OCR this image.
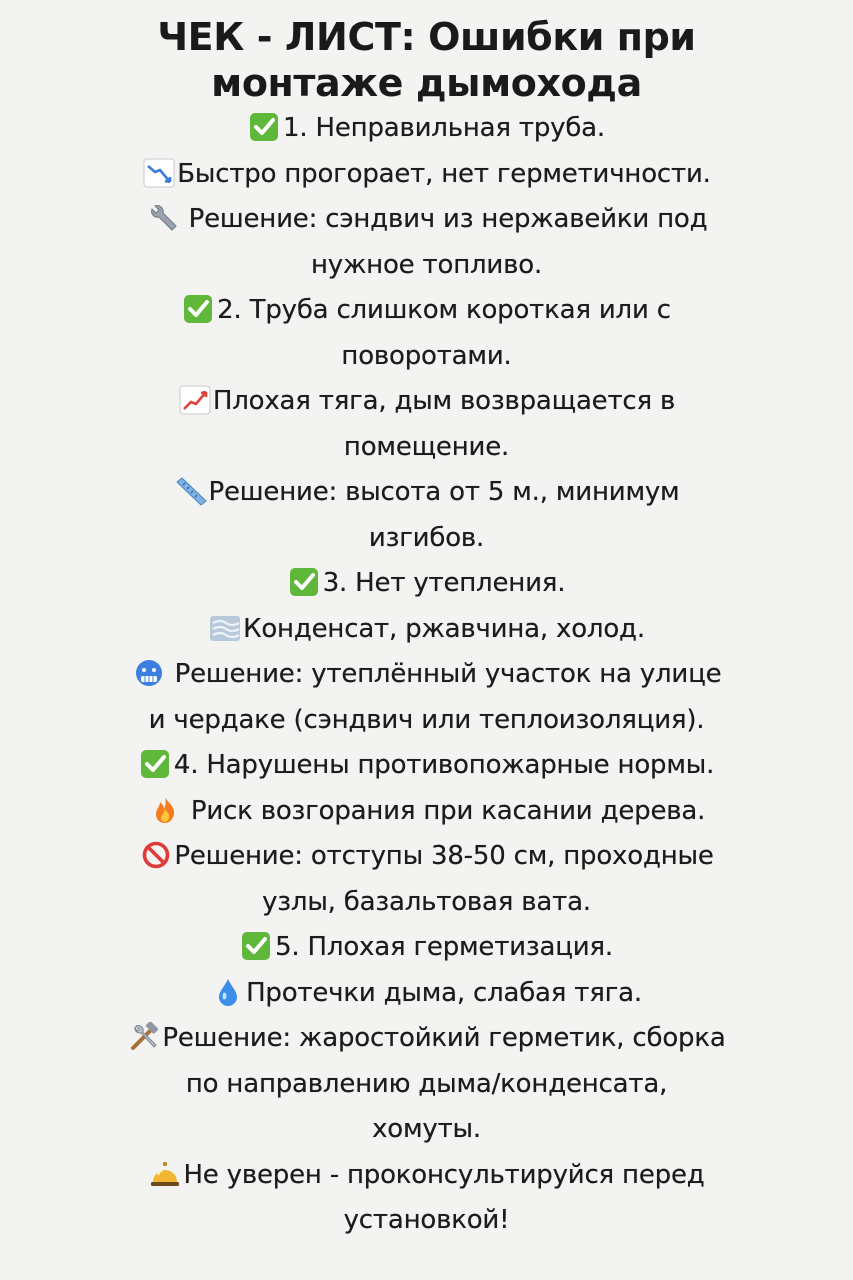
ЧЕК - ЛИСТ: Ошибки при
монтаже дымохода
1. Неправильная труба.
Быстро прогорает, нет герметичности.
Решение: сэндвич из нержавейки под
нужное топливо.
2. Труба слишком короткая или с
поворотами.
Плохая тяга, дым возвращается в
помещение.
Решение: высота от 5 м., минимум
изгибов.
3. Нет утепления.
Конденсат, ржавчина, холод.
Решение: утеплённый участок на улице
и чердаке (сэндвич или теплоизоляция).
4. Нарушены противопожарные нормы.
Риск возгорания при касании дерева.
Решение: отступы 38-50 см, проходные
узлы, базальтовая вата.
5. Плохая герметизация.
Протечки дыма, слабая тяга.
Решение: жаростойкий герметик, сборка
по направлению дыма/конденсата,
хомуты.
Не уверен - проконсультируйся перед
установкой!
